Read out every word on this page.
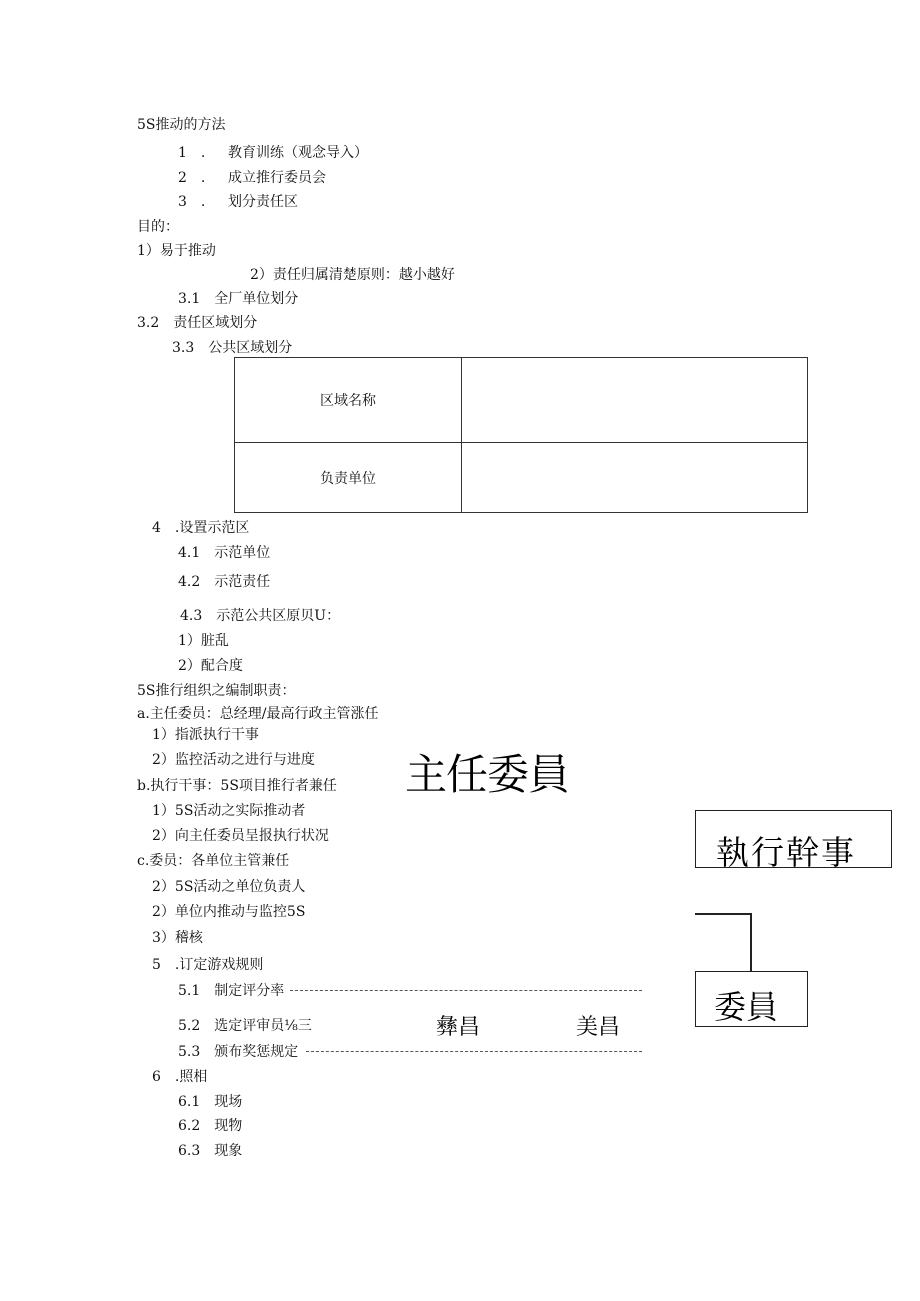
5S推动的方法
1　. 教育训练（观念导入）
2　. 成立推行委员会
3　. 划分责任区
目的：
1）易于推动
2）责任归属清楚原则：越小越好
3.1　全厂单位划分
3.2　责任区域划分
3.3　公共区域划分
区域名称	
负责单位	
4　.设置示范区
4.1　示范单位
4.2　示范责任
4.3　示范公共区原贝U：
1）脏乱
2）配合度
5S推行组织之编制职责：
a.主任委员：总经理/最高行政主管涨任
1）指派执行干事
2）监控活动之进行与进度
b.执行干事：5S项目推行者兼任
1）5S活动之实际推动者
2）向主任委员呈报执行状况
c.委员：各单位主管兼任
2）5S活动之单位负责人
2）单位内推动与监控5S
3）稽核
5　.订定游戏规则
5.1　制定评分率
5.2　选定评审员⅛三	彝昌	美昌
5.3　颁布奖惩规定
6　.照相
6.1　现场
6.2　现物
6.3　现象
主任委員
執行幹事
委員
